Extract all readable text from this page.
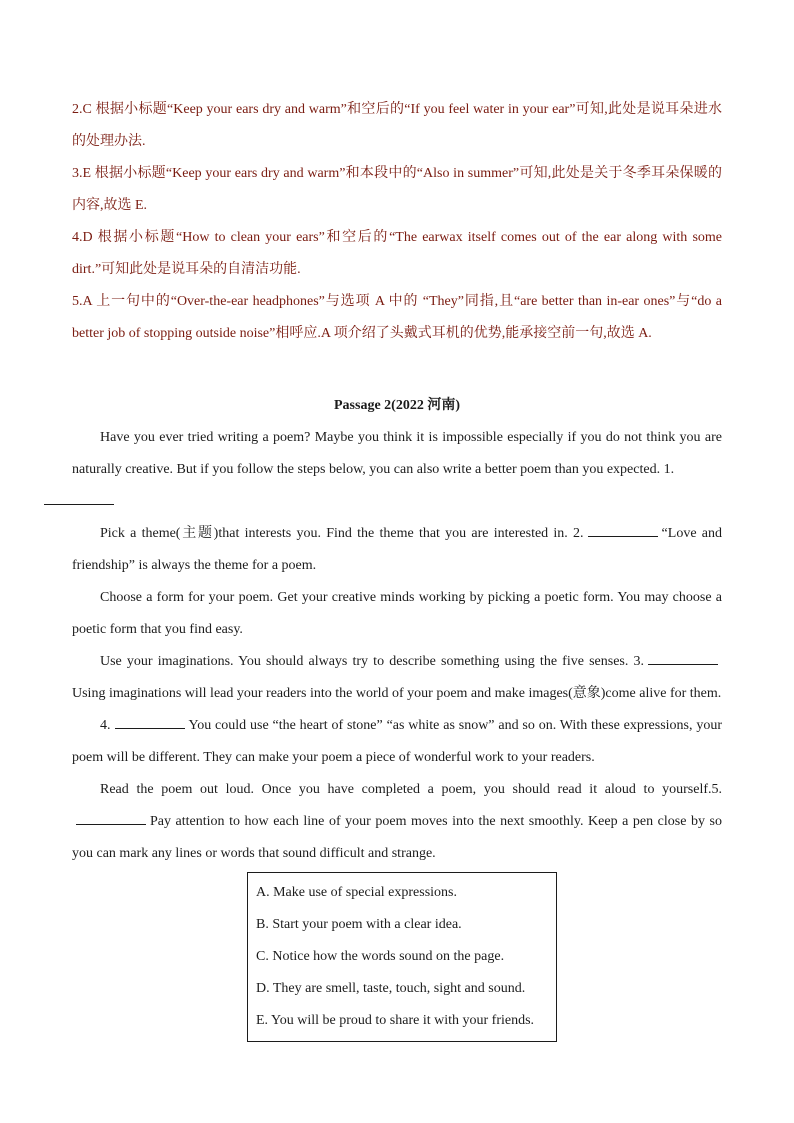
2.C 根据小标题“Keep your ears dry and warm”和空后的“If you feel water in your ear”可知,此处是说耳朵进水的处理办法.

3.E 根据小标题“Keep your ears dry and warm”和本段中的“Also in summer”可知,此处是关于冬季耳朵保暖的内容,故选 E.

4.D 根据小标题“How to clean your ears”和空后的“The earwax itself comes out of the ear along with some dirt.”可知此处是说耳朵的自清洁功能.

5.A 上一句中的“Over-the-ear headphones”与选项 A 中的 “They”同指,且“are better than in-ear ones”与“do a better job of stopping outside noise”相呼应.A 项介绍了头戴式耳机的优势,能承接空前一句,故选 A.

Passage 2(2022 河南)

Have you ever tried writing a poem? Maybe you think it is impossible especially if you do not think you are naturally creative. But if you follow the steps below, you can also write a better poem than you expected. 1.

Pick a theme(主题)that interests you. Find the theme that you are interested in. 2.	“Love and friendship” is always the theme for a poem.

Choose a form for your poem. Get your creative minds working by picking a poetic form. You may choose a poetic form that you find easy.

Use your imaginations. You should always try to describe something using the five senses. 3.Using imaginations will lead your readers into the world of your poem and make images(意象)come alive for them.

4.	You could use “the heart of stone” “as white as snow” and so on. With these expressions, your poem will be different. They can make your poem a piece of wonderful work to your readers.

Read the poem out loud. Once you have completed a poem, you should read it aloud to yourself.5.Pay attention to how each line of your poem moves into the next smoothly. Keep a pen close by so you can mark any lines or words that sound difficult and strange.

A. Make use of special expressions.
B. Start your poem with a clear idea.
C. Notice how the words sound on the page.
D. They are smell, taste, touch, sight and sound.
E. You will be proud to share it with your friends.
